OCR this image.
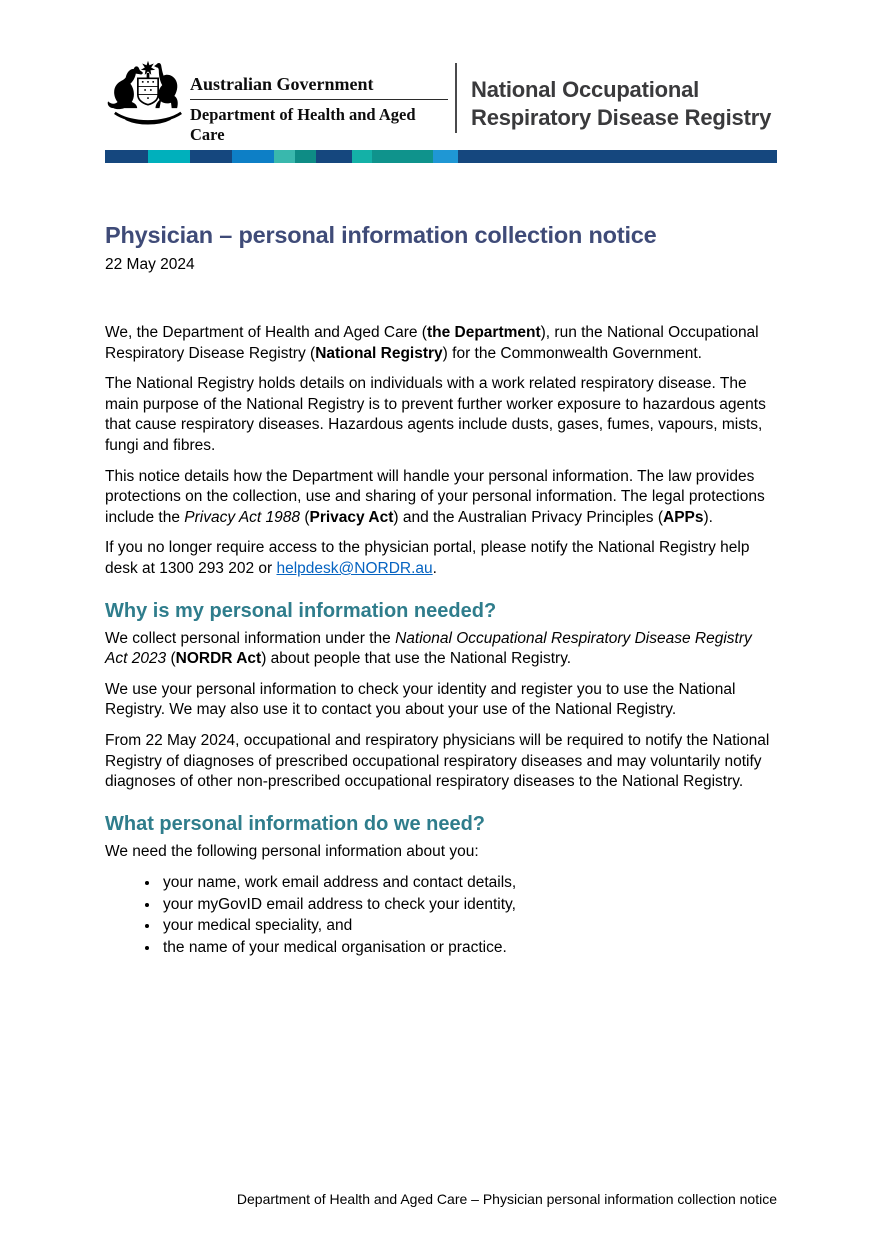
Australian Government
Department of Health and Aged Care
National Occupational
Respiratory Disease Registry
Physician – personal information collection notice
22 May 2024

We, the Department of Health and Aged Care (the Department), run the National Occupational Respiratory Disease Registry (National Registry) for the Commonwealth Government.

The National Registry holds details on individuals with a work related respiratory disease. The main purpose of the National Registry is to prevent further worker exposure to hazardous agents that cause respiratory diseases. Hazardous agents include dusts, gases, fumes, vapours, mists, fungi and fibres.

This notice details how the Department will handle your personal information. The law provides protections on the collection, use and sharing of your personal information. The legal protections include the Privacy Act 1988 (Privacy Act) and the Australian Privacy Principles (APPs).

If you no longer require access to the physician portal, please notify the National Registry help desk at 1300 293 202 or helpdesk@NORDR.au.

Why is my personal information needed?

We collect personal information under the National Occupational Respiratory Disease Registry Act 2023 (NORDR Act) about people that use the National Registry.

We use your personal information to check your identity and register you to use the National Registry. We may also use it to contact you about your use of the National Registry.

From 22 May 2024, occupational and respiratory physicians will be required to notify the National Registry of diagnoses of prescribed occupational respiratory diseases and may voluntarily notify diagnoses of other non-prescribed occupational respiratory diseases to the National Registry.

What personal information do we need?

We need the following personal information about you:

• your name, work email address and contact details,
• your myGovID email address to check your identity,
• your medical speciality, and
• the name of your medical organisation or practice.
Department of Health and Aged Care – Physician personal information collection notice
